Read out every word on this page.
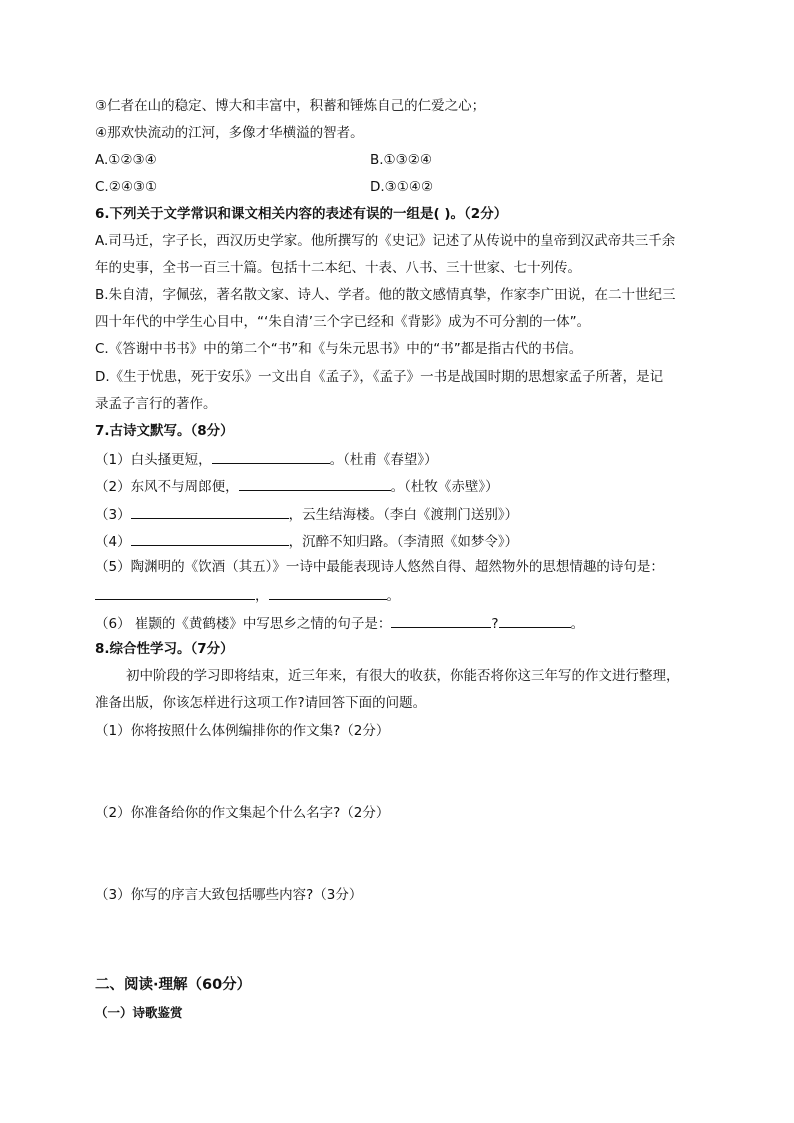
③仁者在山的稳定、博大和丰富中，积蓄和锤炼自己的仁爱之心；
④那欢快流动的江河，多像才华横溢的智者。
A.①②③④	B.①③②④
C.②④③①	D.③①④②
6.下列关于文学常识和课文相关内容的表述有误的一组是( )。（2分）
A.司马迁，字子长，西汉历史学家。他所撰写的《史记》记述了从传说中的皇帝到汉武帝共三千余
年的史事，全书一百三十篇。包括十二本纪、十表、八书、三十世家、七十列传。
B.朱自清，字佩弦，著名散文家、诗人、学者。他的散文感情真挚，作家李广田说，在二十世纪三
四十年代的中学生心目中，“‘朱自清’三个字已经和《背影》成为不可分割的一体”。
C.《答谢中书书》中的第二个“书”和《与朱元思书》中的“书”都是指古代的书信。
D.《生于忧患，死于安乐》一文出自《孟子》，《孟子》一书是战国时期的思想家孟子所著，是记
录孟子言行的著作。
7.古诗文默写。（8分）
（1）白头搔更短，	。（杜甫《春望》）
（2）东风不与周郎便，	。（杜牧《赤壁》）
（3）	，云生结海楼。（李白《渡荆门送别》）
（4）	，沉醉不知归路。（李清照《如梦令》）
（5）陶渊明的《饮酒（其五）》一诗中最能表现诗人悠然自得、超然物外的思想情趣的诗句是：
，	。
（6） 崔颢的《黄鹤楼》中写思乡之情的句子是：	?	。
8.综合性学习。（7分）
初中阶段的学习即将结束，近三年来，有很大的收获，你能否将你这三年写的作文进行整理，
准备出版，你该怎样进行这项工作?请回答下面的问题。
（1）你将按照什么体例编排你的作文集?（2分）
（2）你准备给你的作文集起个什么名字?（2分）
（3）你写的序言大致包括哪些内容?（3分）
二、阅读·理解（60分）
（一）诗歌鉴赏
